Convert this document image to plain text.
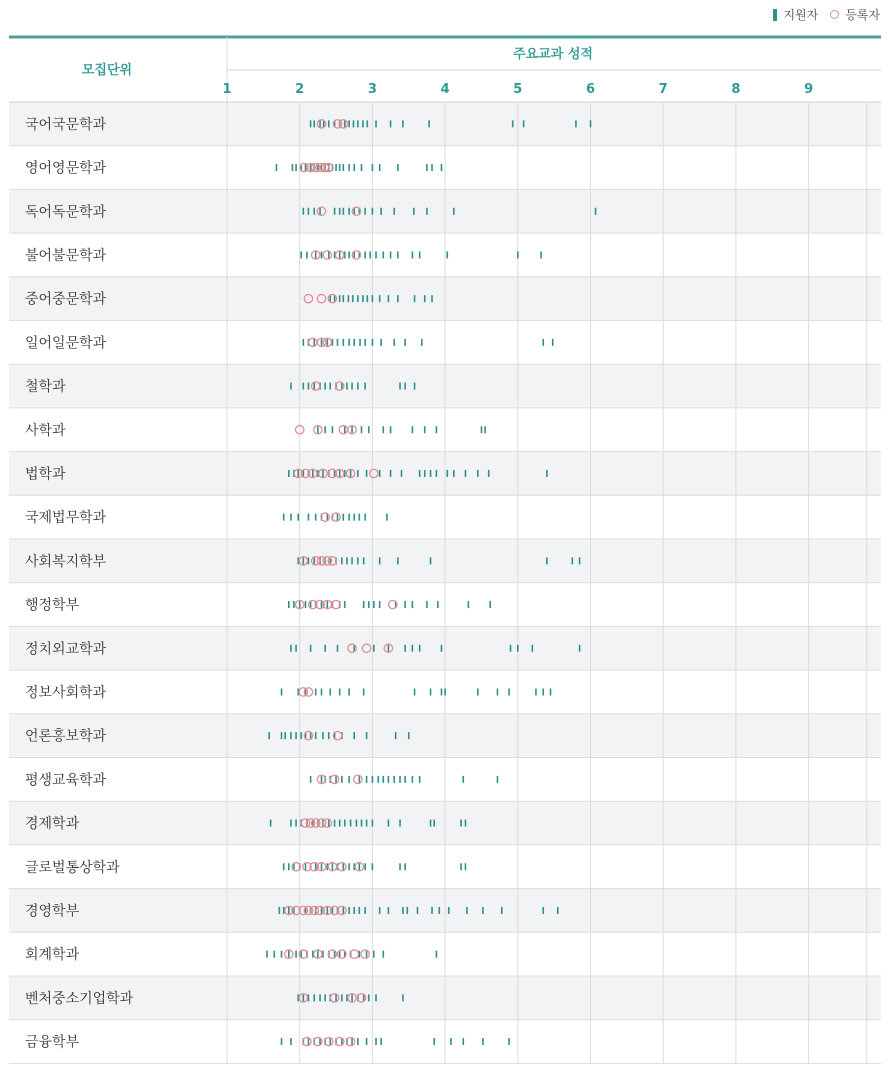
지원자 등록자
모집단위
주요교과 성적
1	2	3	4	5	6	7	8	9
국어국문학과
영어영문학과
독어독문학과
불어불문학과
중어중문학과
일어일문학과
철학과
사학과
법학과
국제법무학과
사회복지학부
행정학부
정치외교학과
정보사회학과
언론홍보학과
평생교육학과
경제학과
글로벌통상학과
경영학부
회계학과
벤처중소기업학과
금융학부
